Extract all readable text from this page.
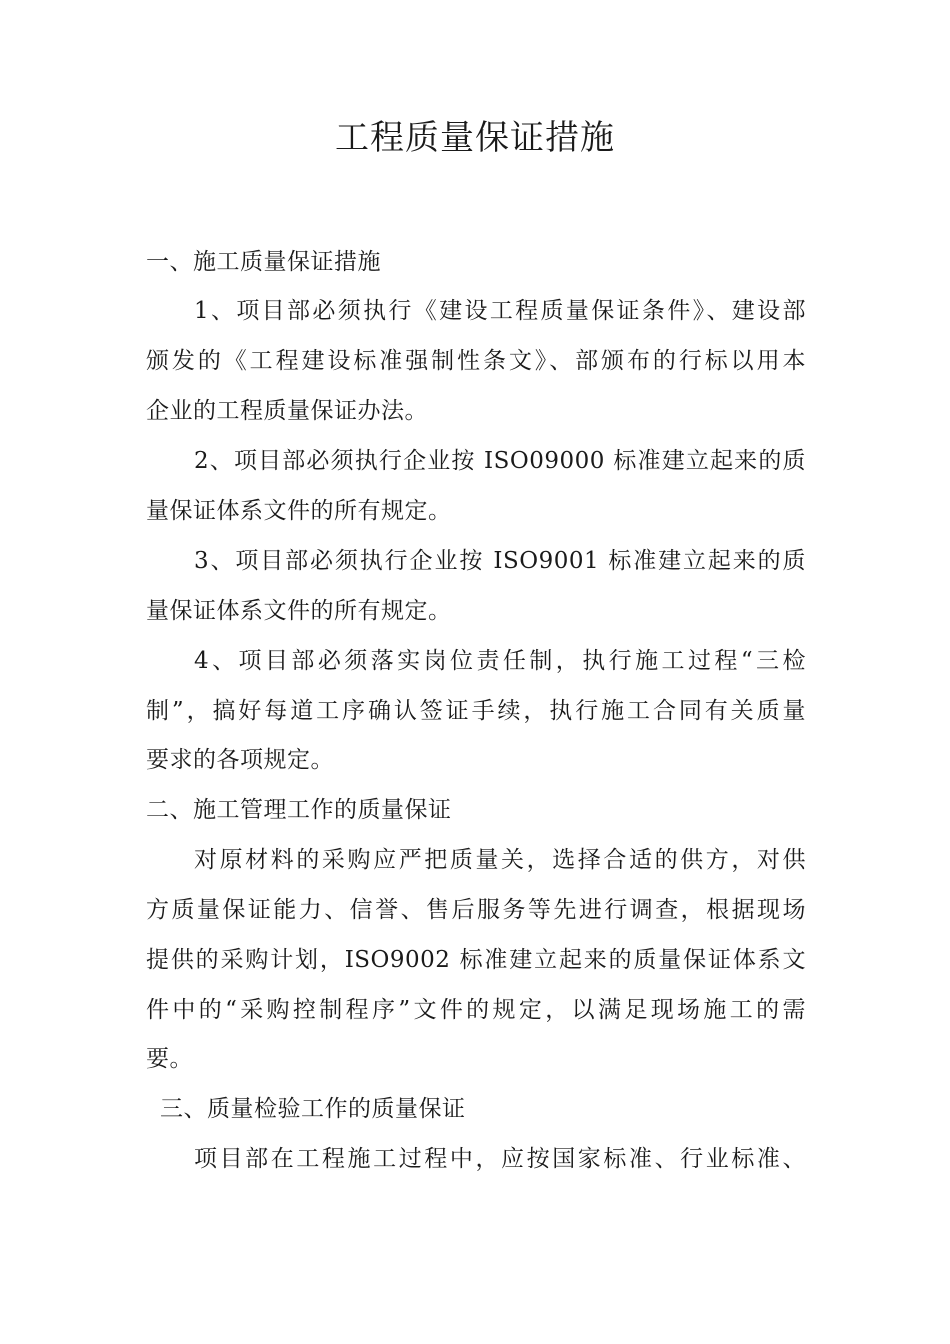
工程质量保证措施
一、施工质量保证措施
1、项目部必须执行《建设工程质量保证条件》、建设部
颁发的《工程建设标准强制性条文》、部颁布的行标以用本
企业的工程质量保证办法。
2、项目部必须执行企业按 ISO09000 标准建立起来的质
量保证体系文件的所有规定。
3、项目部必须执行企业按 ISO9001 标准建立起来的质
量保证体系文件的所有规定。
4、项目部必须落实岗位责任制，执行施工过程“三检
制”，搞好每道工序确认签证手续，执行施工合同有关质量
要求的各项规定。
二、施工管理工作的质量保证
对原材料的采购应严把质量关，选择合适的供方，对供
方质量保证能力、信誉、售后服务等先进行调查，根据现场
提供的采购计划，ISO9002 标准建立起来的质量保证体系文
件中的“采购控制程序”文件的规定，以满足现场施工的需
要。
三、质量检验工作的质量保证
项目部在工程施工过程中，应按国家标准、行业标准、
